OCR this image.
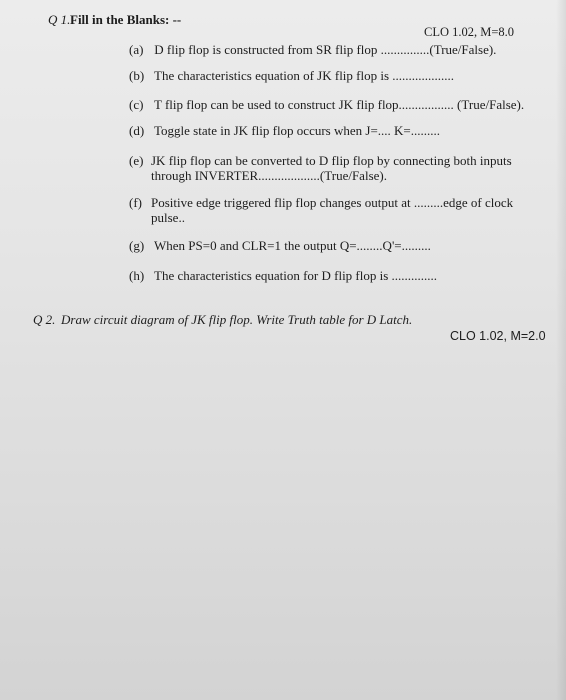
Q 1. Fill in the Blanks: --
CLO 1.02, M=8.0
(a) D flip flop is constructed from SR flip flop ...............(True/False).
(b) The characteristics equation of JK flip flop is ...................
(c) T flip flop can be used to construct JK flip flop................. (True/False).
(d) Toggle state in JK flip flop occurs when J=.... K=.........
(e) JK flip flop can be converted to D flip flop by connecting both inputs
through INVERTER...................(True/False).
(f) Positive edge triggered flip flop changes output at .........edge of clock
pulse..
(g) When PS=0 and CLR=1 the output Q=........Q'=.........
(h) The characteristics equation for D flip flop is ..............
Q 2. Draw circuit diagram of JK flip flop. Write Truth table for D Latch.
CLO 1.02, M=2.0
